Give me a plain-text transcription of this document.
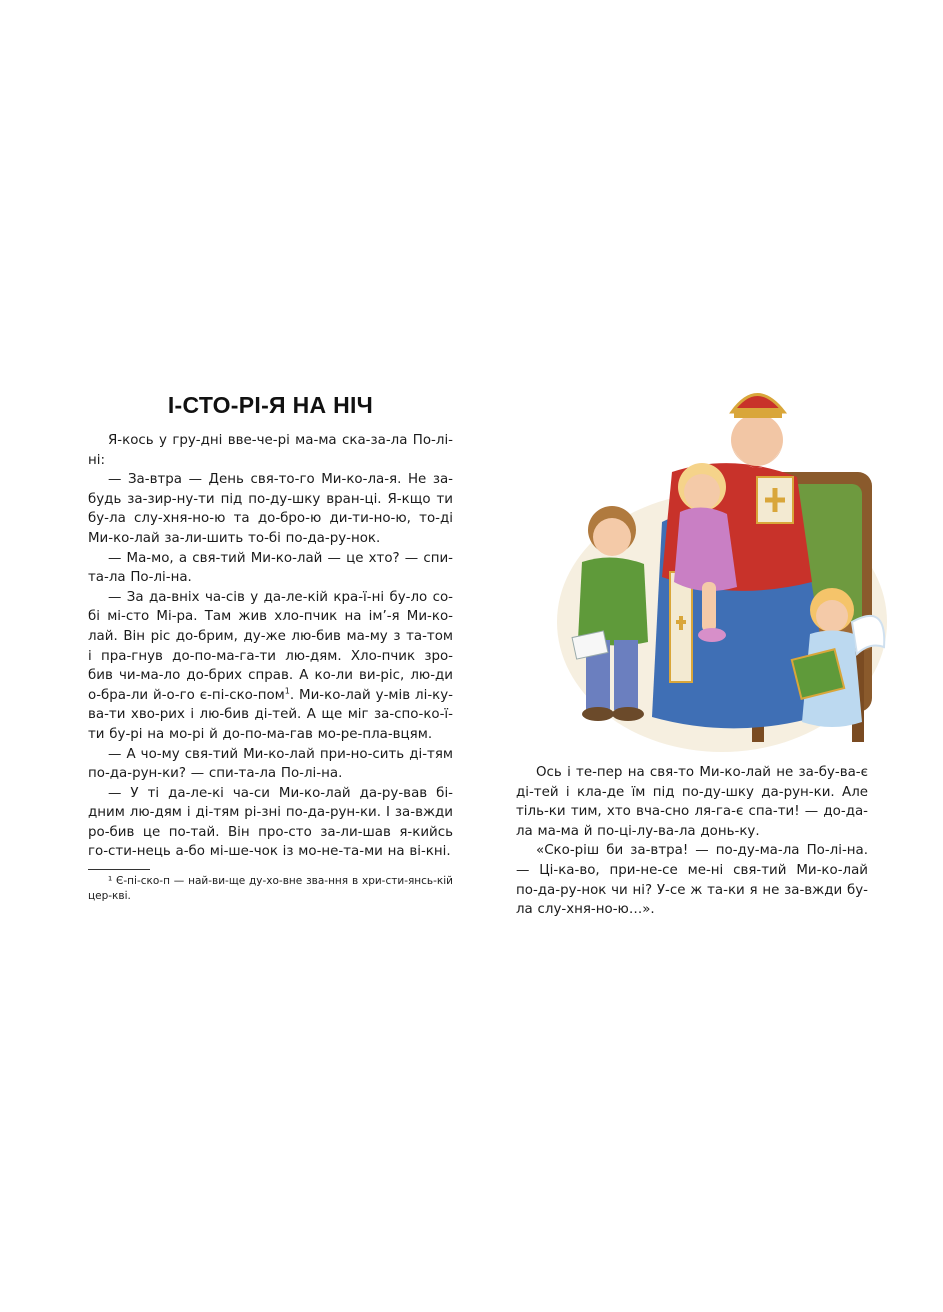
І-СТО-РІ-Я НА НІЧ

Я-кось у гру-дні вве-че-рі ма-ма ска-за-ла По-лі-ні:

— За-втра — День свя-то-го Ми-ко-ла-я. Не за-будь за-зир-ну-ти під по-ду-шку вран-ці. Я-кщо ти бу-ла слу-хня-но-ю та до-бро-ю ди-ти-но-ю, то-ді Ми-ко-лай за-ли-шить то-бі по-да-ру-нок.

— Ма-мо, а свя-тий Ми-ко-лай — це хто? — спи-та-ла По-лі-на.

— За да-вніх ча-сів у да-ле-кій кра-ї-ні бу-ло со-бі мі-сто Мі-ра. Там жив хло-пчик на ім’-я Ми-ко-лай. Він ріс до-брим, ду-же лю-бив ма-му з та-том і пра-гнув до-по-ма-га-ти лю-дям. Хло-пчик зро-бив чи-ма-ло до-брих справ. А ко-ли ви-ріс, лю-ди о-бра-ли й-о-го є-пі-ско-пом$^1$. Ми-ко-лай у-мів лі-ку-ва-ти хво-рих і лю-бив ді-тей. А ще міг за-спо-ко-ї-ти бу-рі на мо-рі й до-по-ма-гав мо-ре-пла-вцям.

— А чо-му свя-тий Ми-ко-лай при-но-сить ді-тям по-да-рун-ки? — спи-та-ла По-лі-на.

— У ті да-ле-кі ча-си Ми-ко-лай да-ру-вав бі-дним лю-дям і ді-тям рі-зні по-да-рун-ки. І за-вжди ро-бив це по-тай. Він про-сто за-ли-шав я-кийсь го-сти-нець а-бо мі-ше-чок із мо-не-та-ми на ві-кні.

¹ Є-пі-ско-п — най-ви-ще ду-хо-вне зва-ння в хри-сти-янсь-кій цер-кві.

Ось і те-пер на свя-то Ми-ко-лай не за-бу-ва-є ді-тей і кла-де їм під по-ду-шку да-рун-ки. Але тіль-ки тим, хто вча-сно ля-га-є спа-ти! — до-да-ла ма-ма й по-ці-лу-ва-ла донь-ку.

«Ско-ріш би за-втра! — по-ду-ма-ла По-лі-на.— Ці-ка-во, при-не-се ме-ні свя-тий Ми-ко-лай по-да-ру-нок чи ні? У-се ж та-ки я не за-вжди бу-ла слу-хня-но-ю…».
